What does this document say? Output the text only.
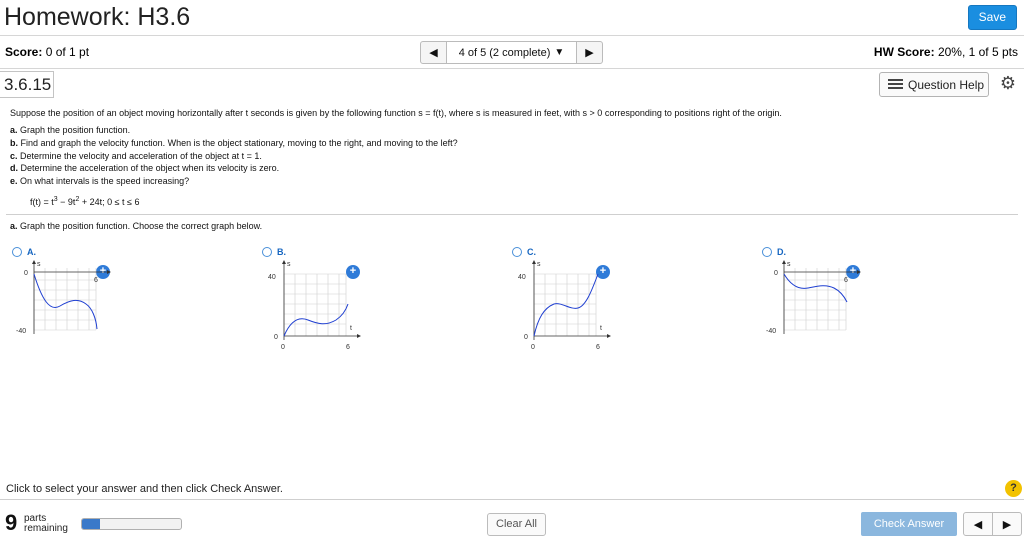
Homework: H3.6	Save
Score: 0 of 1 pt	◀ 4 of 5 (2 complete) ▼ ▶	HW Score: 20%, 1 of 5 pts
3.6.15	Question Help ⚙
Suppose the position of an object moving horizontally after t seconds is given by the following function s = f(t), where s is measured in feet, with s > 0 corresponding to positions right of the origin.
a. Graph the position function.
b. Find and graph the velocity function. When is the object stationary, moving to the right, and moving to the left?
c. Determine the velocity and acceleration of the object at t = 1.
d. Determine the acceleration of the object when its velocity is zero.
e. On what intervals is the speed increasing?
$f(t) = t^3 - 9t^2 + 24t$; 0 ≤ t ≤ 6
a. Graph the position function. Choose the correct graph below.
A.
+
s
0
-40
6
B.
+
s
40
0
0	6
t
C.
+
s
40
0
0	6
t
D.
+
s
0
-40
6
Click to select your answer and then click Check Answer.	?
9 parts
remaining	Clear All	Check Answer	◀	▶
